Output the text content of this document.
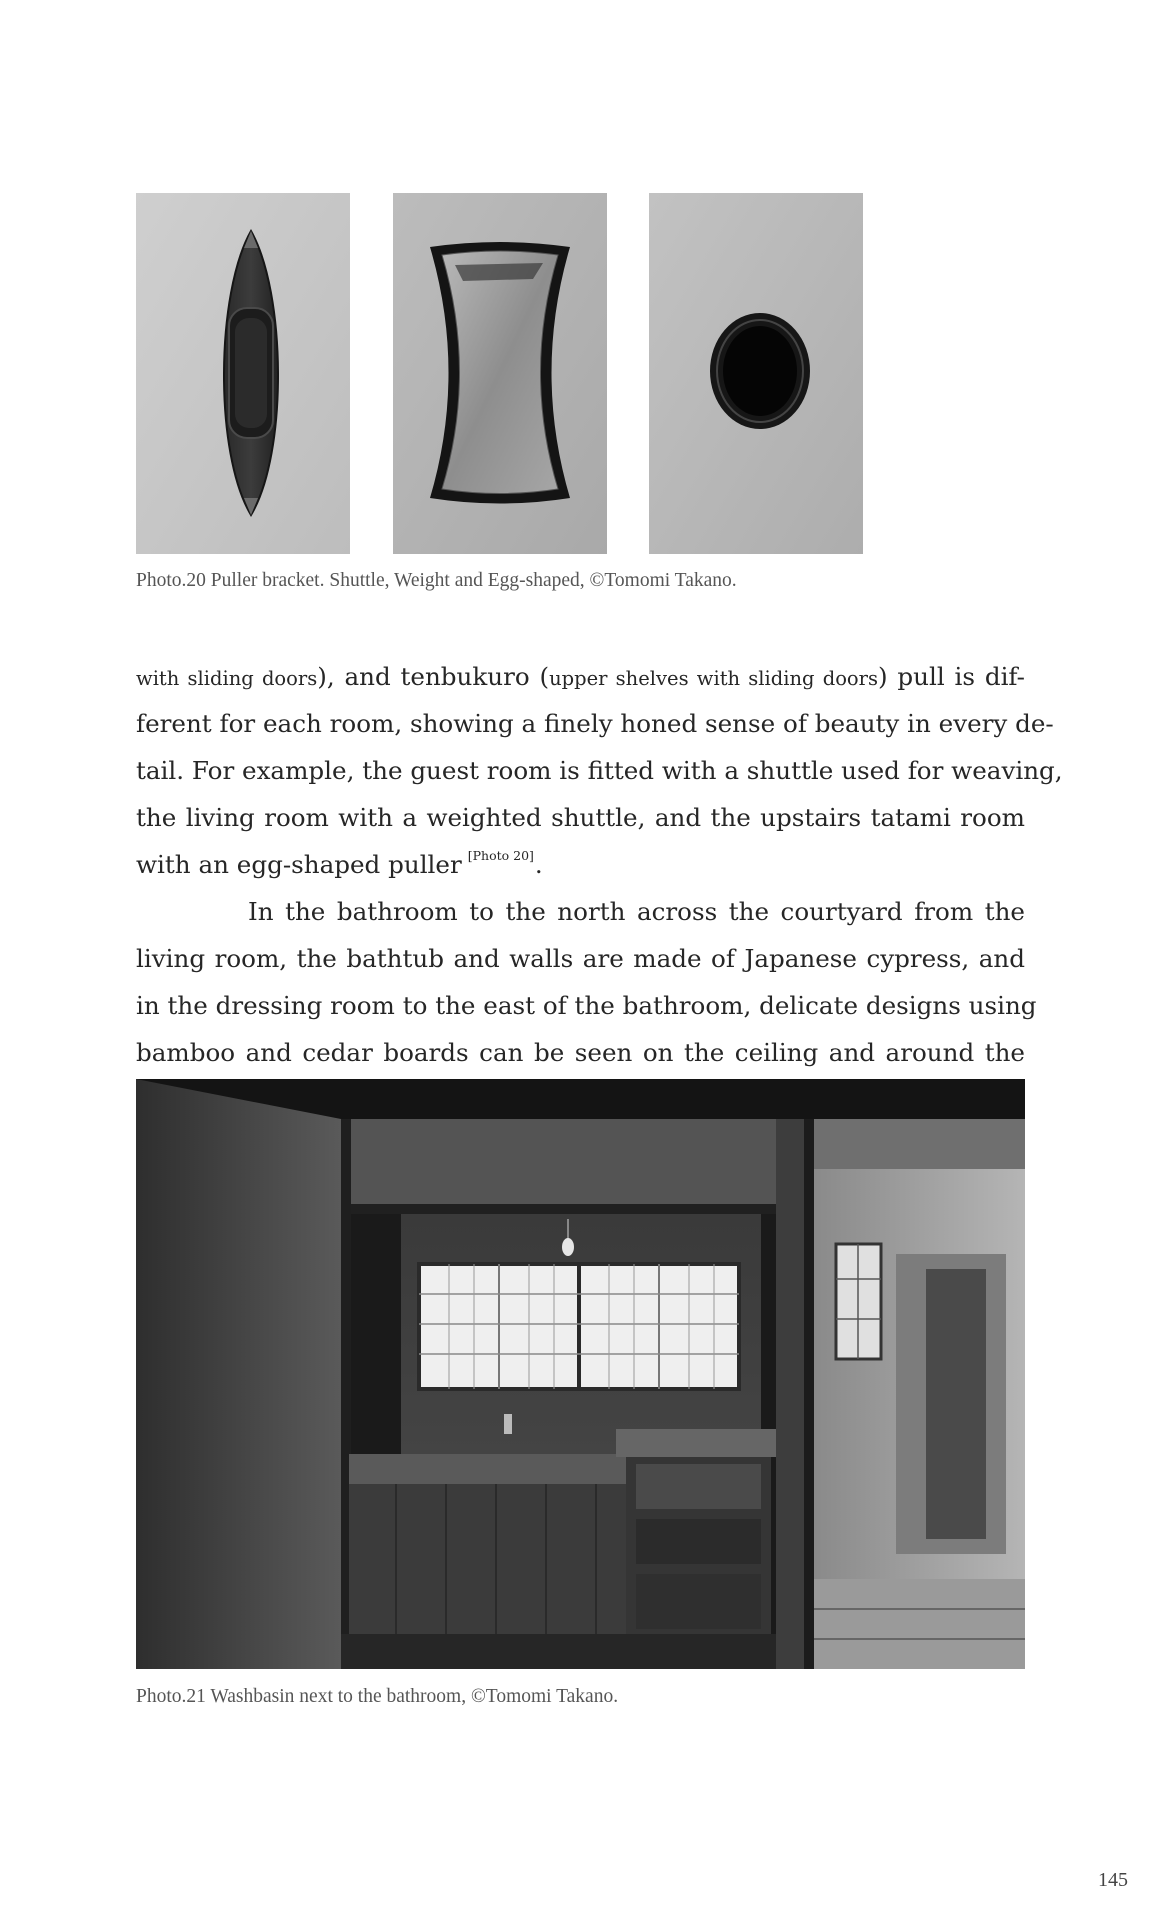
Photo.20 Puller bracket. Shuttle, Weight and Egg-shaped, ©Tomomi Takano.
with sliding doors), and tenbukuro (upper shelves with sliding doors) pull is dif-
ferent for each room, showing a finely honed sense of beauty in every de-
tail. For example, the guest room is fitted with a shuttle used for weaving,
the living room with a weighted shuttle, and the upstairs tatami room
with an egg-shaped puller [Photo 20].
In the bathroom to the north across the courtyard from the
living room, the bathtub and walls are made of Japanese cypress, and
in the dressing room to the east of the bathroom, delicate designs using
bamboo and cedar boards can be seen on the ceiling and around the
Photo.21 Washbasin next to the bathroom, ©Tomomi Takano.
145
